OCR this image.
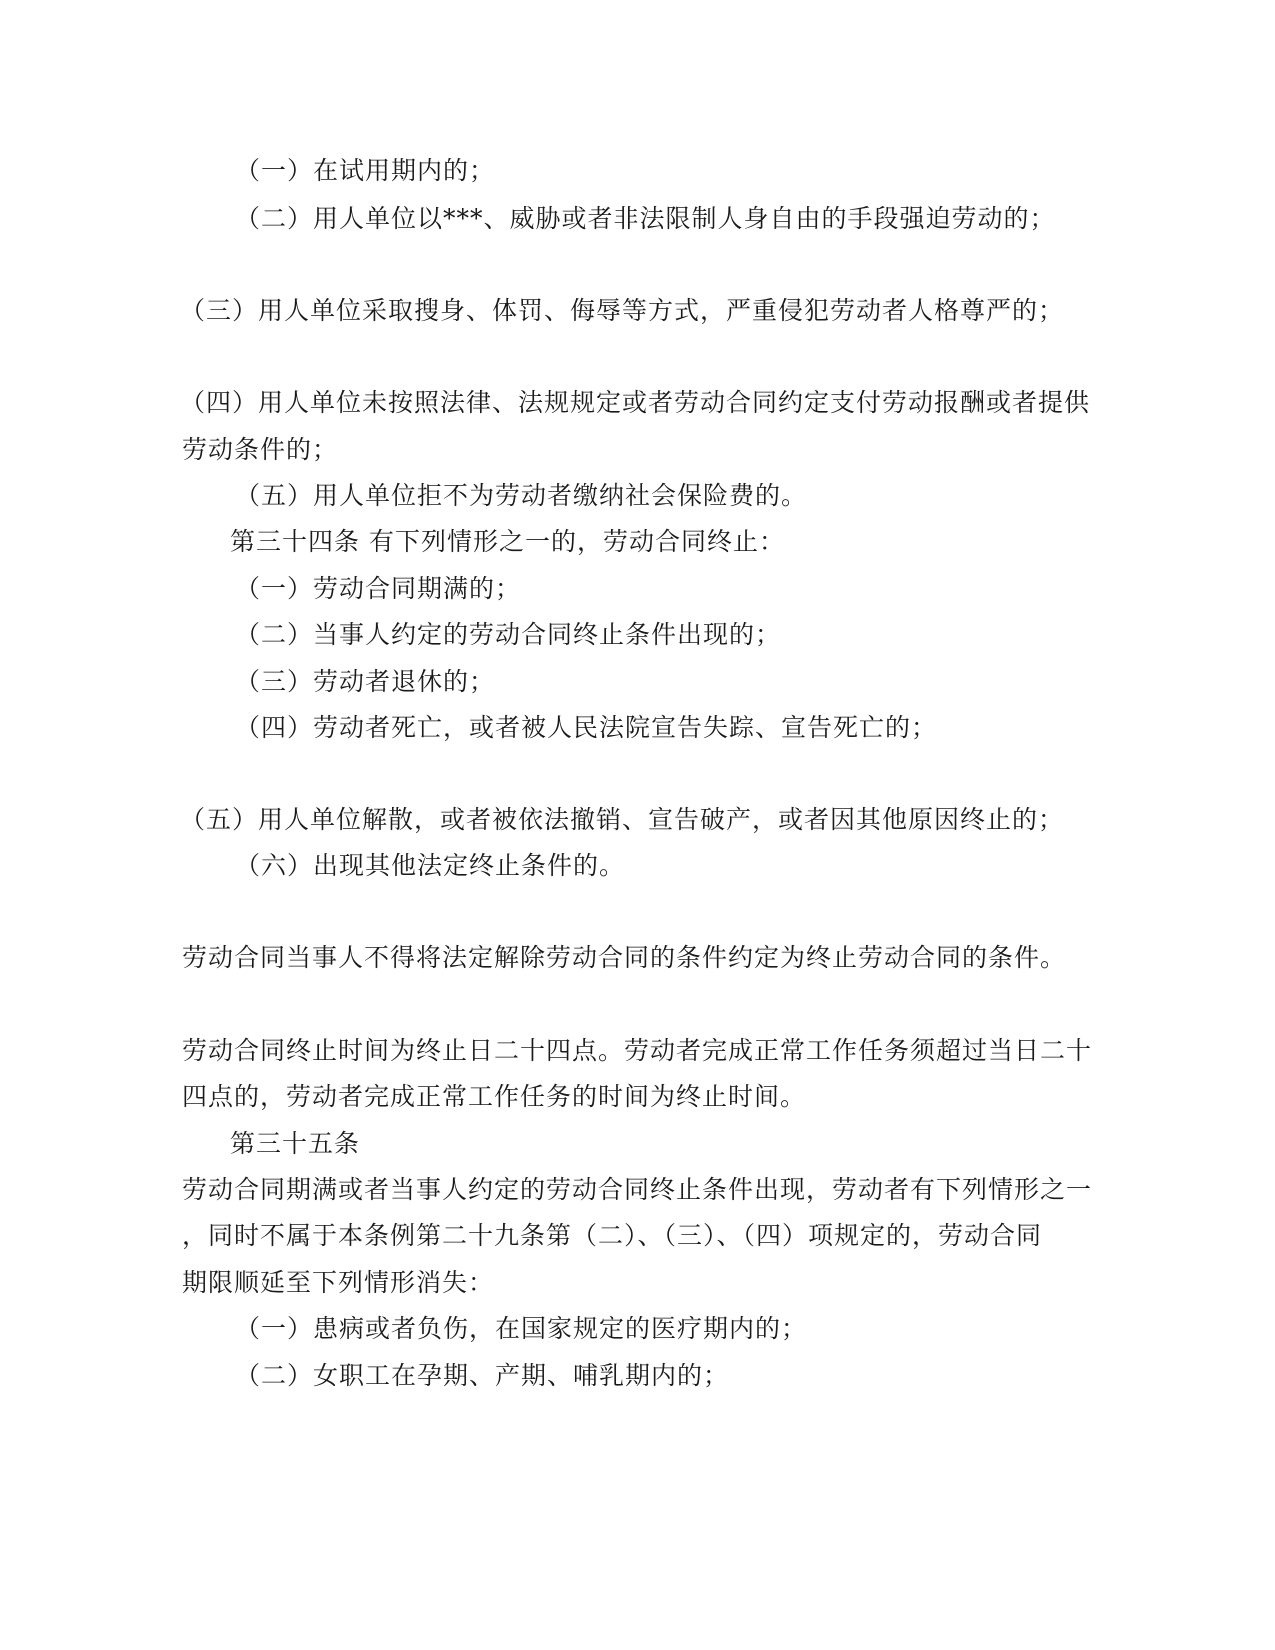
（一）在试用期内的；
（二）用人单位以***、威胁或者非法限制人身自由的手段强迫劳动的；
（三）用人单位采取搜身、体罚、侮辱等方式，严重侵犯劳动者人格尊严的；
（四）用人单位未按照法律、法规规定或者劳动合同约定支付劳动报酬或者提供
劳动条件的；
（五）用人单位拒不为劳动者缴纳社会保险费的。
第三十四条 有下列情形之一的，劳动合同终止：
（一）劳动合同期满的；
（二）当事人约定的劳动合同终止条件出现的；
（三）劳动者退休的；
（四）劳动者死亡，或者被人民法院宣告失踪、宣告死亡的；
（五）用人单位解散，或者被依法撤销、宣告破产，或者因其他原因终止的；
（六）出现其他法定终止条件的。
劳动合同当事人不得将法定解除劳动合同的条件约定为终止劳动合同的条件。
劳动合同终止时间为终止日二十四点。劳动者完成正常工作任务须超过当日二十
四点的，劳动者完成正常工作任务的时间为终止时间。
第三十五条
劳动合同期满或者当事人约定的劳动合同终止条件出现，劳动者有下列情形之一
，同时不属于本条例第二十九条第（二）、（三）、（四）项规定的，劳动合同
期限顺延至下列情形消失：
（一）患病或者负伤，在国家规定的医疗期内的；
（二）女职工在孕期、产期、哺乳期内的；
